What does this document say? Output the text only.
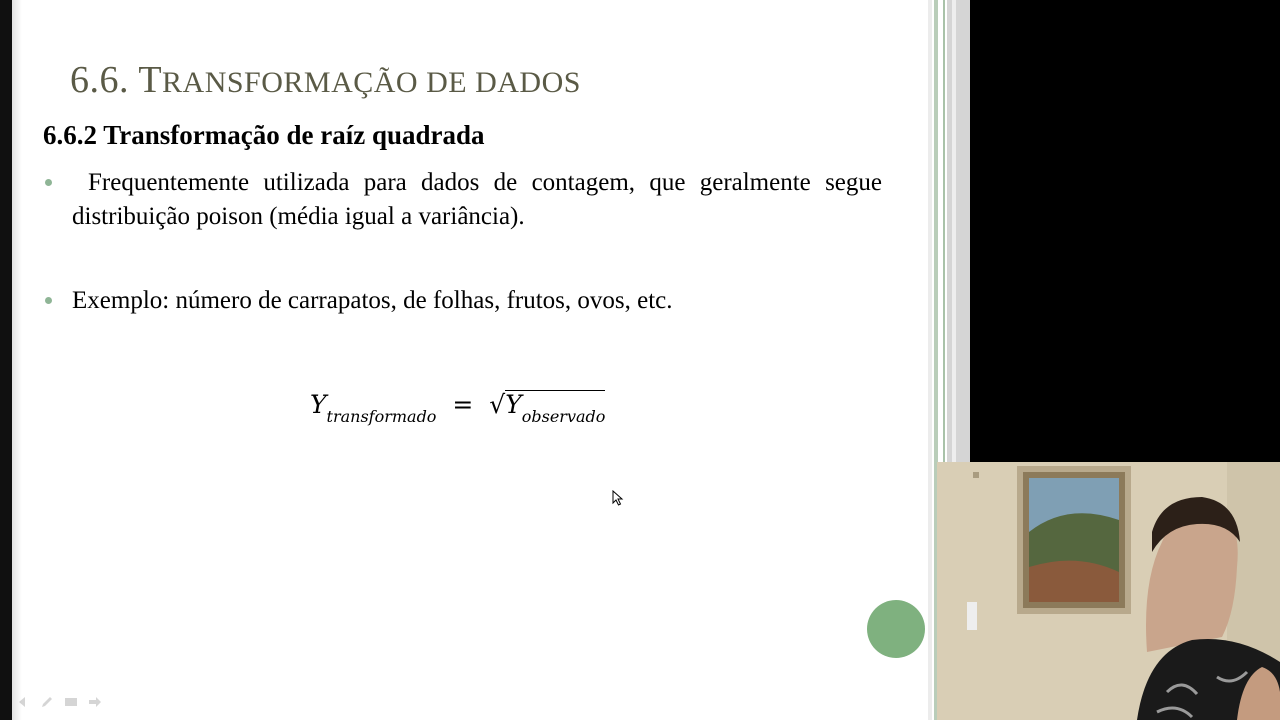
6.6. TRANSFORMAÇÃO DE DADOS
6.6.2 Transformação de raíz quadrada
Frequentemente utilizada para dados de contagem, que geralmente segue distribuição poison (média igual a variância).
Exemplo: número de carrapatos, de folhas, frutos, ovos, etc.
$Y_{transformado} = √Y_{observado}$
